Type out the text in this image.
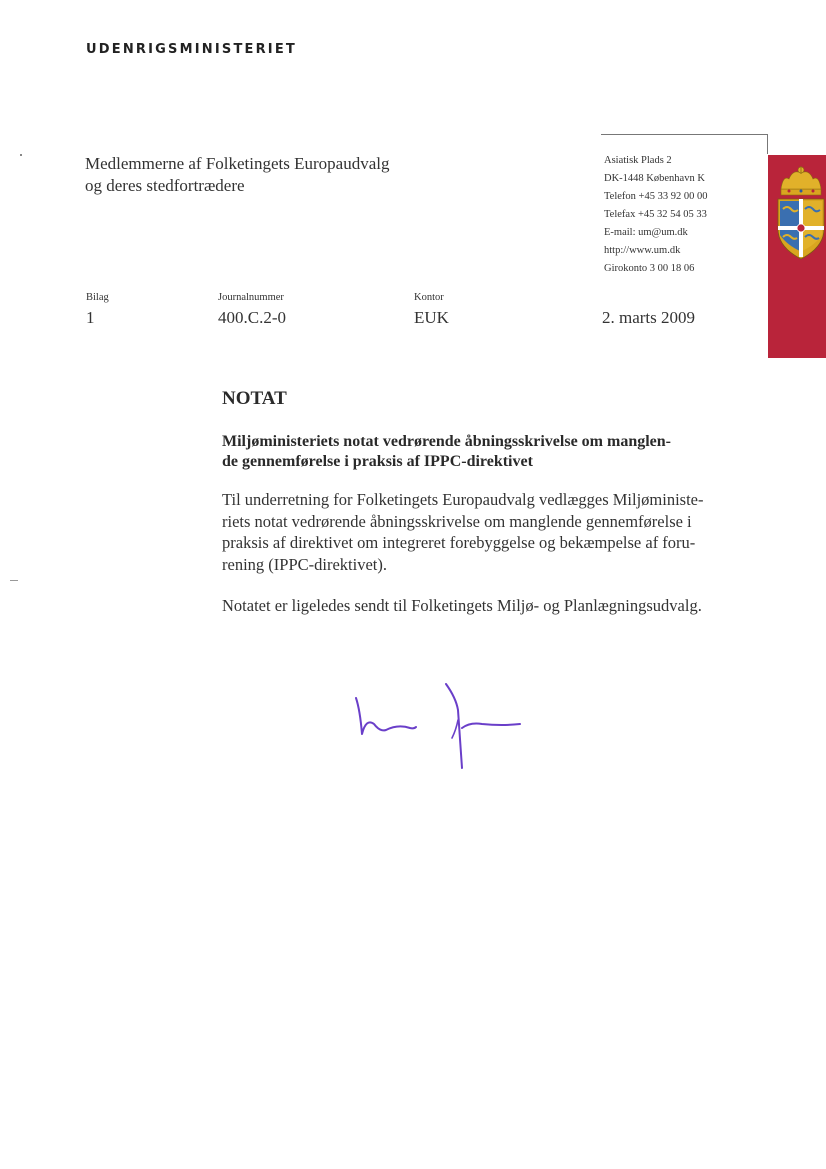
udenrigsministeriet
Medlemmerne af Folketingets Europaudvalg
og deres stedfortrædere
Asiatisk Plads 2
DK-1448 København K
Telefon +45 33 92 00 00
Telefax +45 32 54 05 33
E-mail: um@um.dk
http://www.um.dk
Girokonto 3 00 18 06
Bilag
1
Journalnummer
400.C.2-0
Kontor
EUK	2. marts 2009
NOTAT
Miljøministeriets notat vedrørende åbningsskrivelse om manglen-
de gennemførelse i praksis af IPPC-direktivet
Til underretning for Folketingets Europaudvalg vedlægges Miljøministe-
riets notat vedrørende åbningsskrivelse om manglende gennemførelse i
praksis af direktivet om integreret forebyggelse og bekæmpelse af foru-
rening (IPPC-direktivet).
Notatet er ligeledes sendt til Folketingets Miljø- og Planlægningsudvalg.
